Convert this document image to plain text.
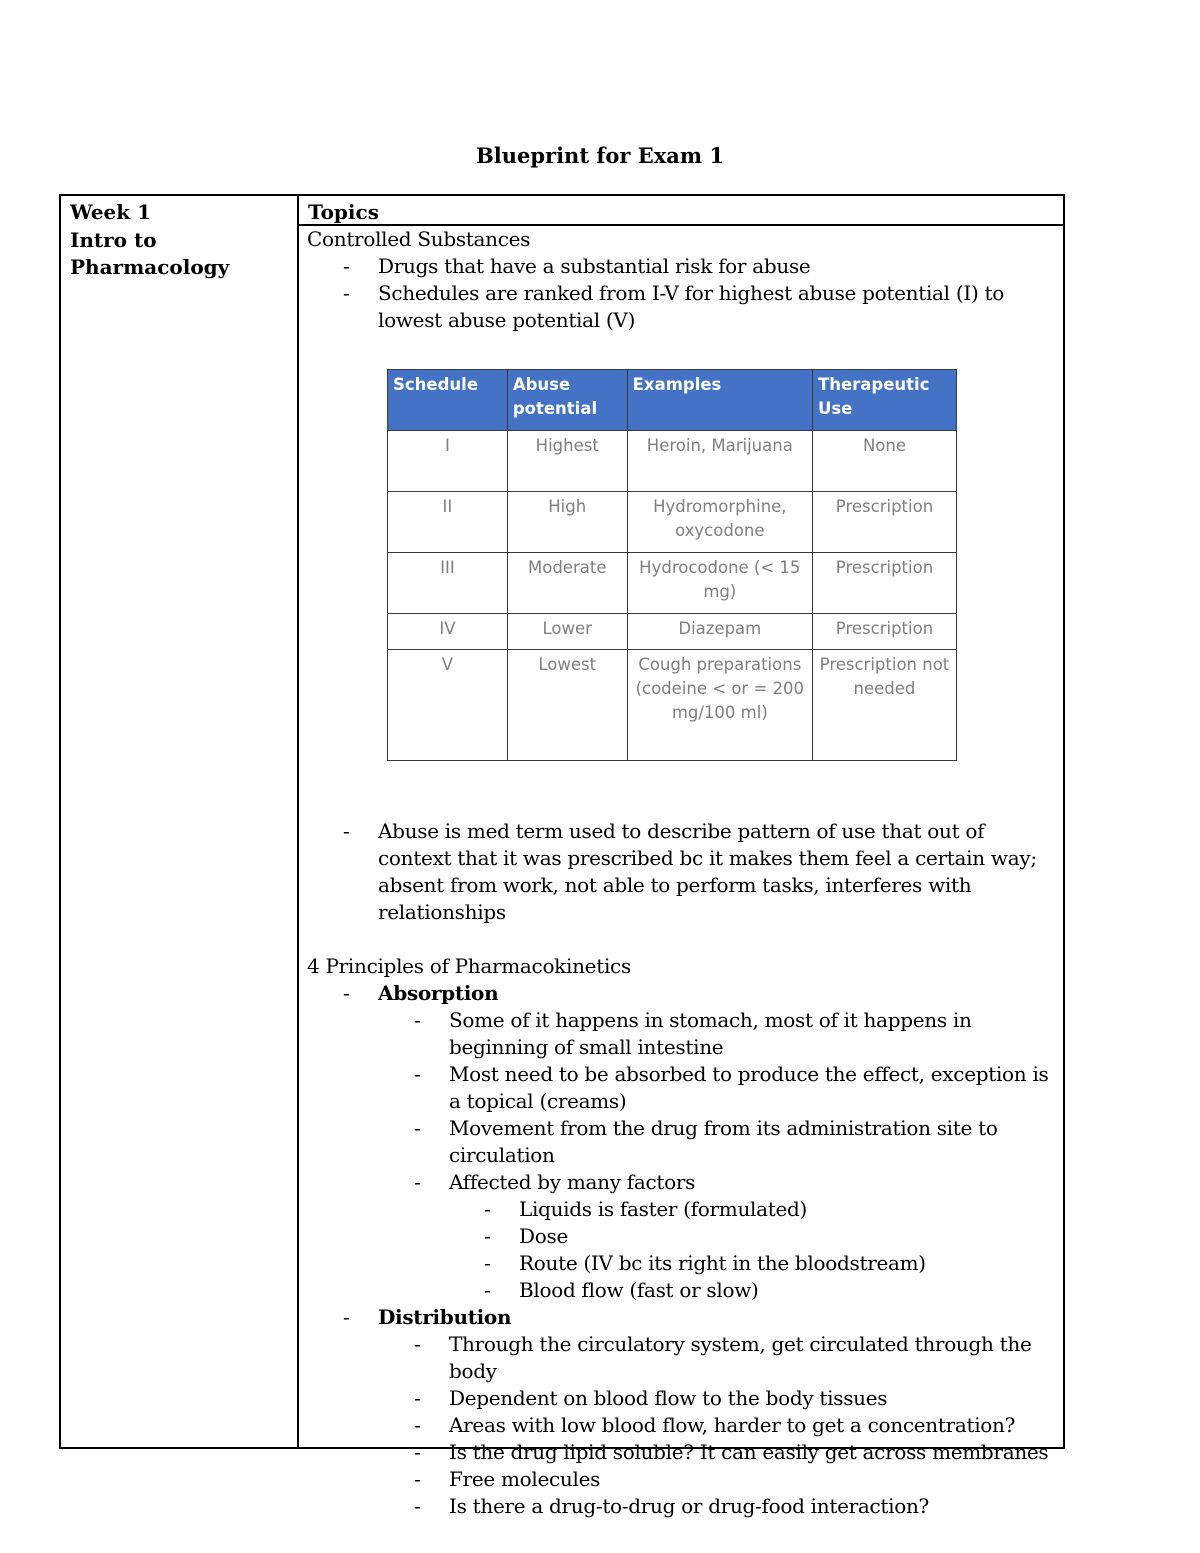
Blueprint for Exam 1
Week 1
Intro to Pharmacology
Topics

Controlled Substances

- Drugs that have a substantial risk for abuse
- Schedules are ranked from I-V for highest abuse potential (I) to lowest abuse potential (V)
Schedule	Abuse potential	Examples	Therapeutic Use
I	Highest	Heroin, Marijuana	None
II	High	Hydromorphine, oxycodone	Prescription
III	Moderate	Hydrocodone (< 15 mg)	Prescription
IV	Lower	Diazepam	Prescription
V	Lowest	Cough preparations (codeine < or = 200 mg/100 ml)	Prescription not needed
- Abuse is med term used to describe pattern of use that out of context that it was prescribed bc it makes them feel a certain way; absent from work, not able to perform tasks, interferes with relationships

4 Principles of Pharmacokinetics

- Absorption
- Some of it happens in stomach, most of it happens in beginning of small intestine
- Most need to be absorbed to produce the effect, exception is a topical (creams)
- Movement from the drug from its administration site to circulation
- Affected by many factors
- Liquids is faster (formulated)
- Dose
- Route (IV bc its right in the bloodstream)
- Blood flow (fast or slow)
- Distribution
- Through the circulatory system, get circulated through the body
- Dependent on blood flow to the body tissues
- Areas with low blood flow, harder to get a concentration?
- Is the drug lipid soluble? It can easily get across membranes
- Free molecules
- Is there a drug-to-drug or drug-food interaction?
